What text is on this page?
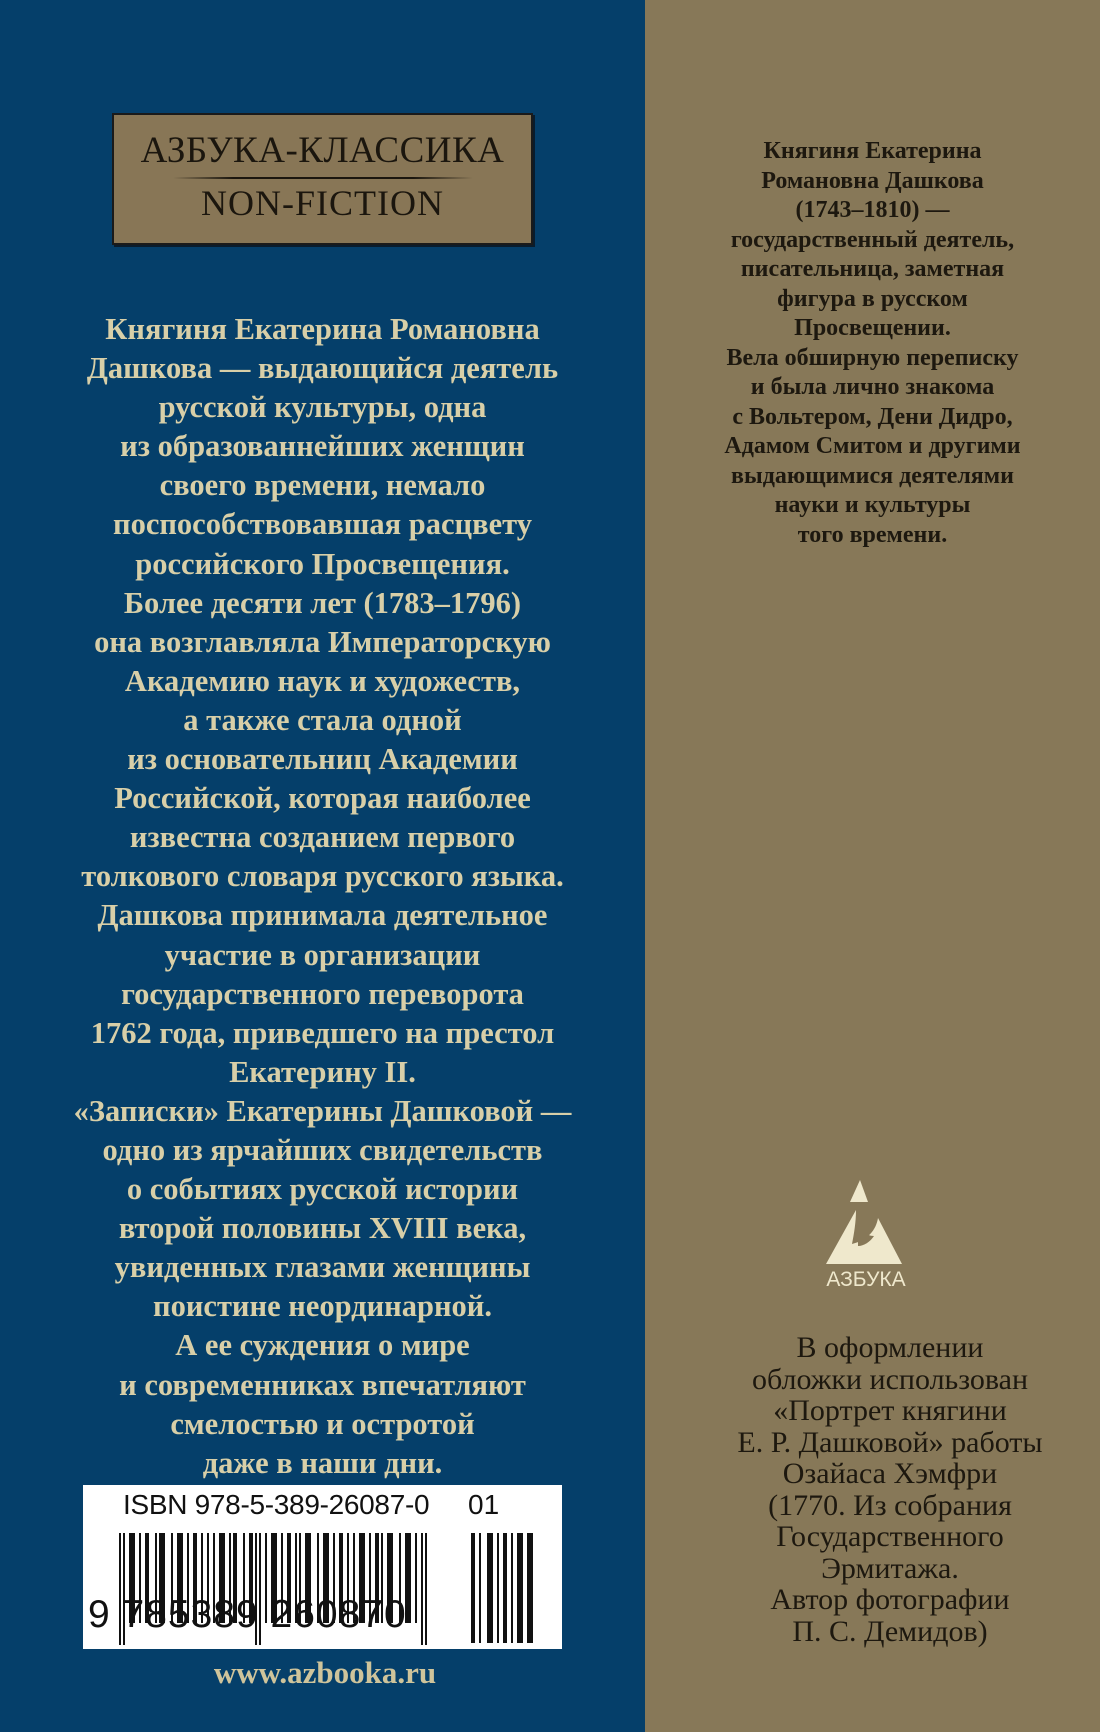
АЗБУКА-КЛАССИКА
NON-FICTION
Княгиня Екатерина Романовна
Дашкова — выдающийся деятель
русской культуры, одна
из образованнейших женщин
своего времени, немало
поспособствовавшая расцвету
российского Просвещения.
Более десяти лет (1783–1796)
она возглавляла Императорскую
Академию наук и художеств,
а также стала одной
из основательниц Академии
Российской, которая наиболее
известна созданием первого
толкового словаря русского языка.
Дашкова принимала деятельное
участие в организации
государственного переворота
1762 года, приведшего на престол
Екатерину II.
«Записки» Екатерины Дашковой —
одно из ярчайших свидетельств
о событиях русской истории
второй половины XVIII века,
увиденных глазами женщины
поистине неординарной.
А ее суждения о мире
и современниках впечатляют
смелостью и остротой
даже в наши дни.
Княгиня Екатерина
Романовна Дашкова
(1743–1810) —
государственный деятель,
писательница, заметная
фигура в русском
Просвещении.
Вела обширную переписку
и была лично знакома
с Вольтером, Дени Дидро,
Адамом Смитом и другими
выдающимися деятелями
науки и культуры
того времени.
АЗБУКА
В оформлении
обложки использован
«Портрет княгини
Е. Р. Дашковой» работы
Озайаса Хэмфри
(1770. Из собрания
Государственного
Эрмитажа.
Автор фотографии
П. С. Демидов)
ISBN 978-5-389-26087-0 01
9 785389 260870
www.azbooka.ru
